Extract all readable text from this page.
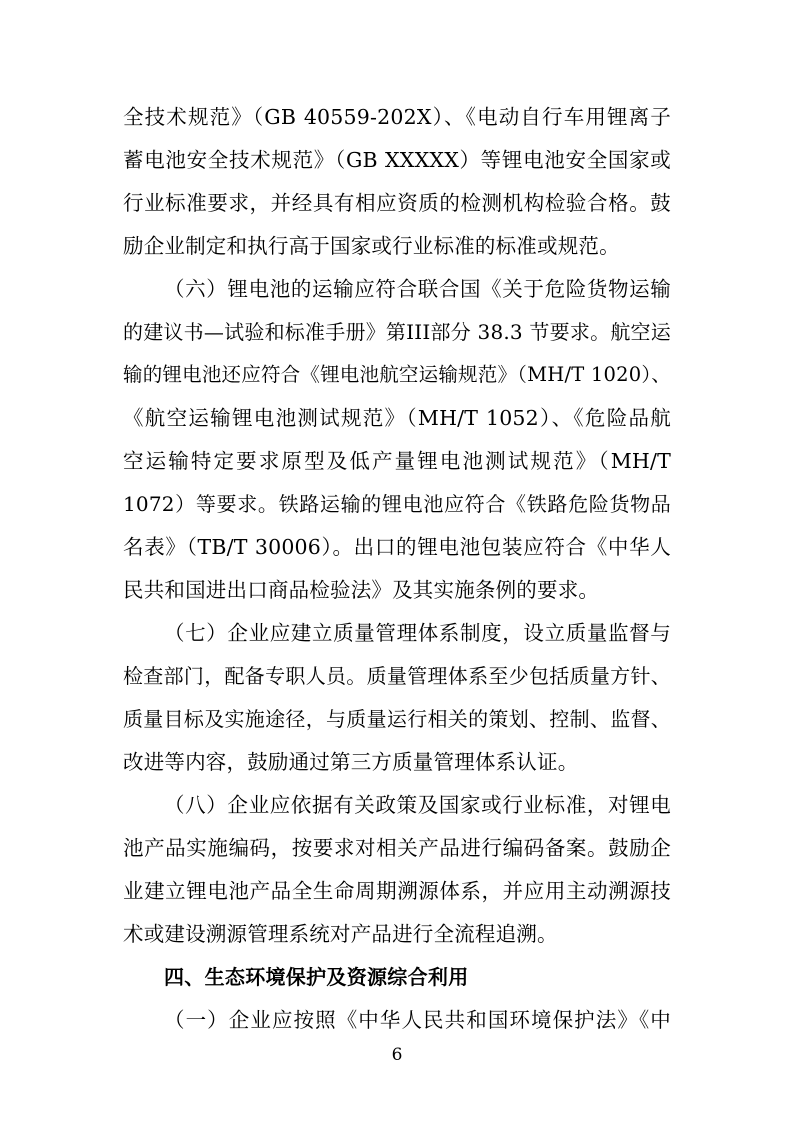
全技术规范》（GB 40559-202X）、《电动自行车用锂离子
蓄电池安全技术规范》（GB XXXXX）等锂电池安全国家或
行业标准要求，并经具有相应资质的检测机构检验合格。鼓
励企业制定和执行高于国家或行业标准的标准或规范。
（六）锂电池的运输应符合联合国《关于危险货物运输
的建议书—试验和标准手册》第III部分 38.3 节要求。航空运
输的锂电池还应符合《锂电池航空运输规范》（MH/T 1020）、
《航空运输锂电池测试规范》（MH/T 1052）、《危险品航
空运输特定要求原型及低产量锂电池测试规范》（MH/T
1072）等要求。铁路运输的锂电池应符合《铁路危险货物品
名表》（TB/T 30006）。出口的锂电池包装应符合《中华人
民共和国进出口商品检验法》及其实施条例的要求。
（七）企业应建立质量管理体系制度，设立质量监督与
检查部门，配备专职人员。质量管理体系至少包括质量方针、
质量目标及实施途径，与质量运行相关的策划、控制、监督、
改进等内容，鼓励通过第三方质量管理体系认证。
（八）企业应依据有关政策及国家或行业标准，对锂电
池产品实施编码，按要求对相关产品进行编码备案。鼓励企
业建立锂电池产品全生命周期溯源体系，并应用主动溯源技
术或建设溯源管理系统对产品进行全流程追溯。
四、生态环境保护及资源综合利用
（一）企业应按照《中华人民共和国环境保护法》《中
6
